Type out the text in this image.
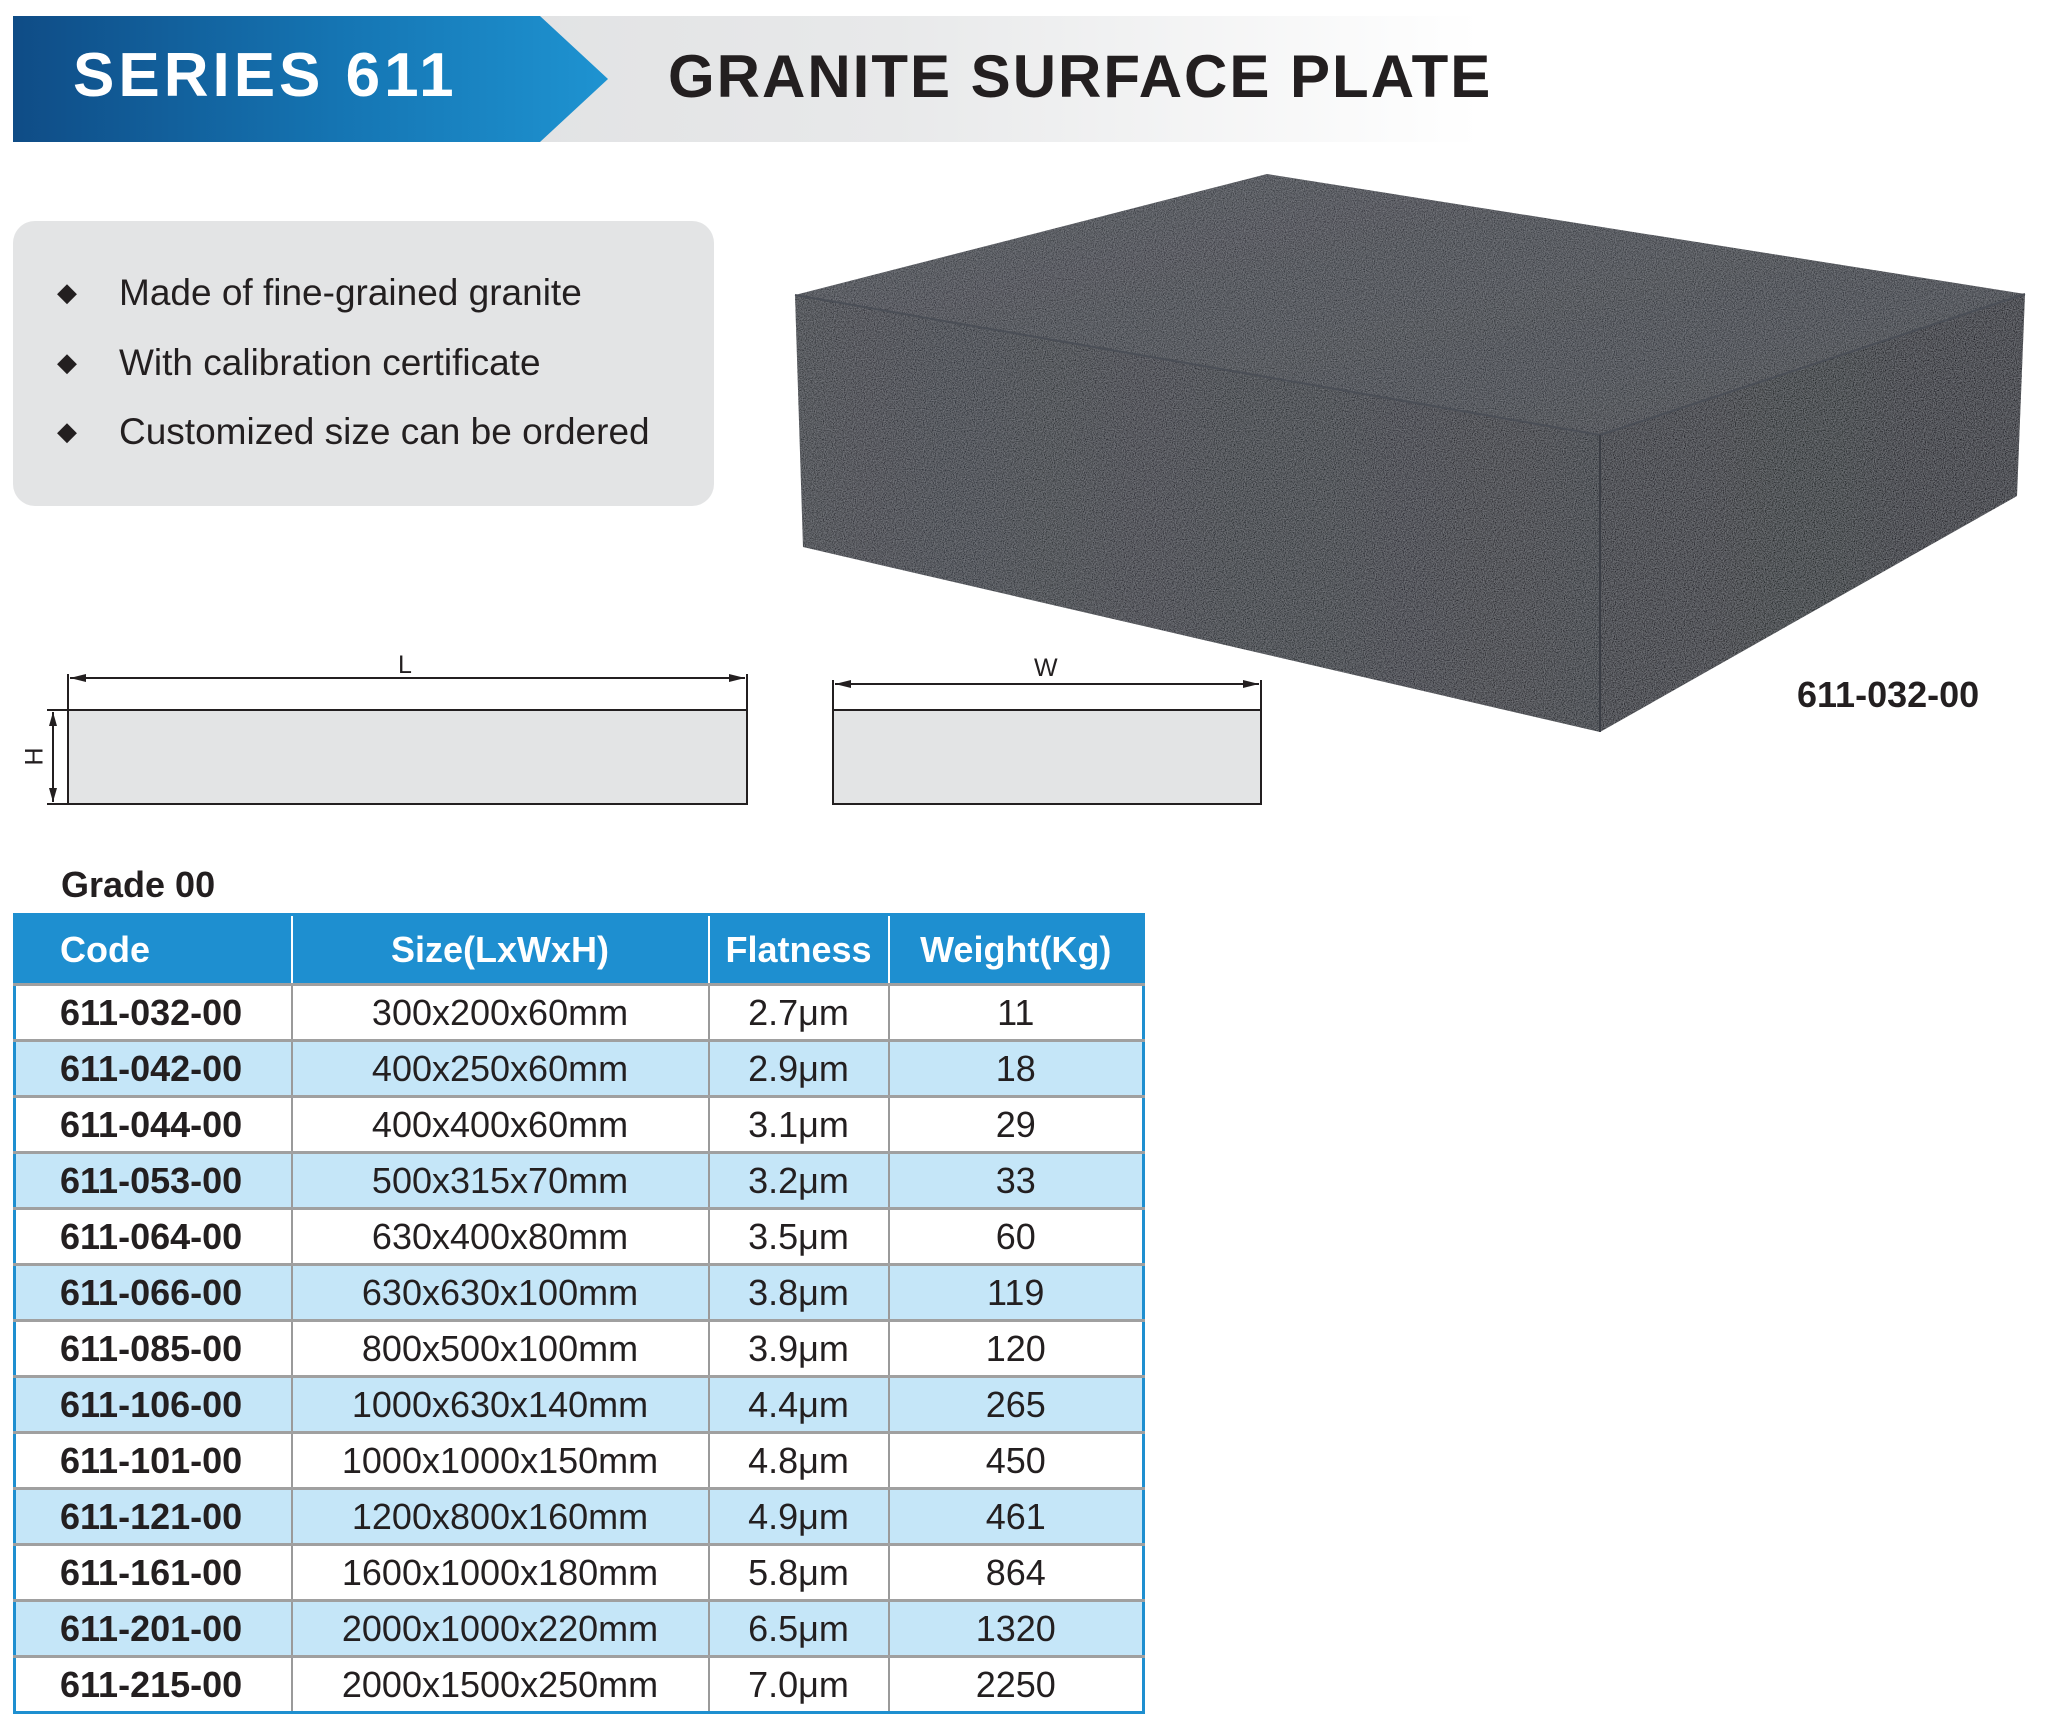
SERIES 611	GRANITE SURFACE PLATE
◆ Made of fine-grained granite
◆ With calibration certificate
◆ Customized size can be ordered
611-032-00
L	W
H
Grade 00
Code	Size(LxWxH)	Flatness	Weight(Kg)
611-032-00	300x200x60mm	2.7μm	11
611-042-00	400x250x60mm	2.9μm	18
611-044-00	400x400x60mm	3.1μm	29
611-053-00	500x315x70mm	3.2μm	33
611-064-00	630x400x80mm	3.5μm	60
611-066-00	630x630x100mm	3.8μm	119
611-085-00	800x500x100mm	3.9μm	120
611-106-00	1000x630x140mm	4.4μm	265
611-101-00	1000x1000x150mm	4.8μm	450
611-121-00	1200x800x160mm	4.9μm	461
611-161-00	1600x1000x180mm	5.8μm	864
611-201-00	2000x1000x220mm	6.5μm	1320
611-215-00	2000x1500x250mm	7.0μm	2250
